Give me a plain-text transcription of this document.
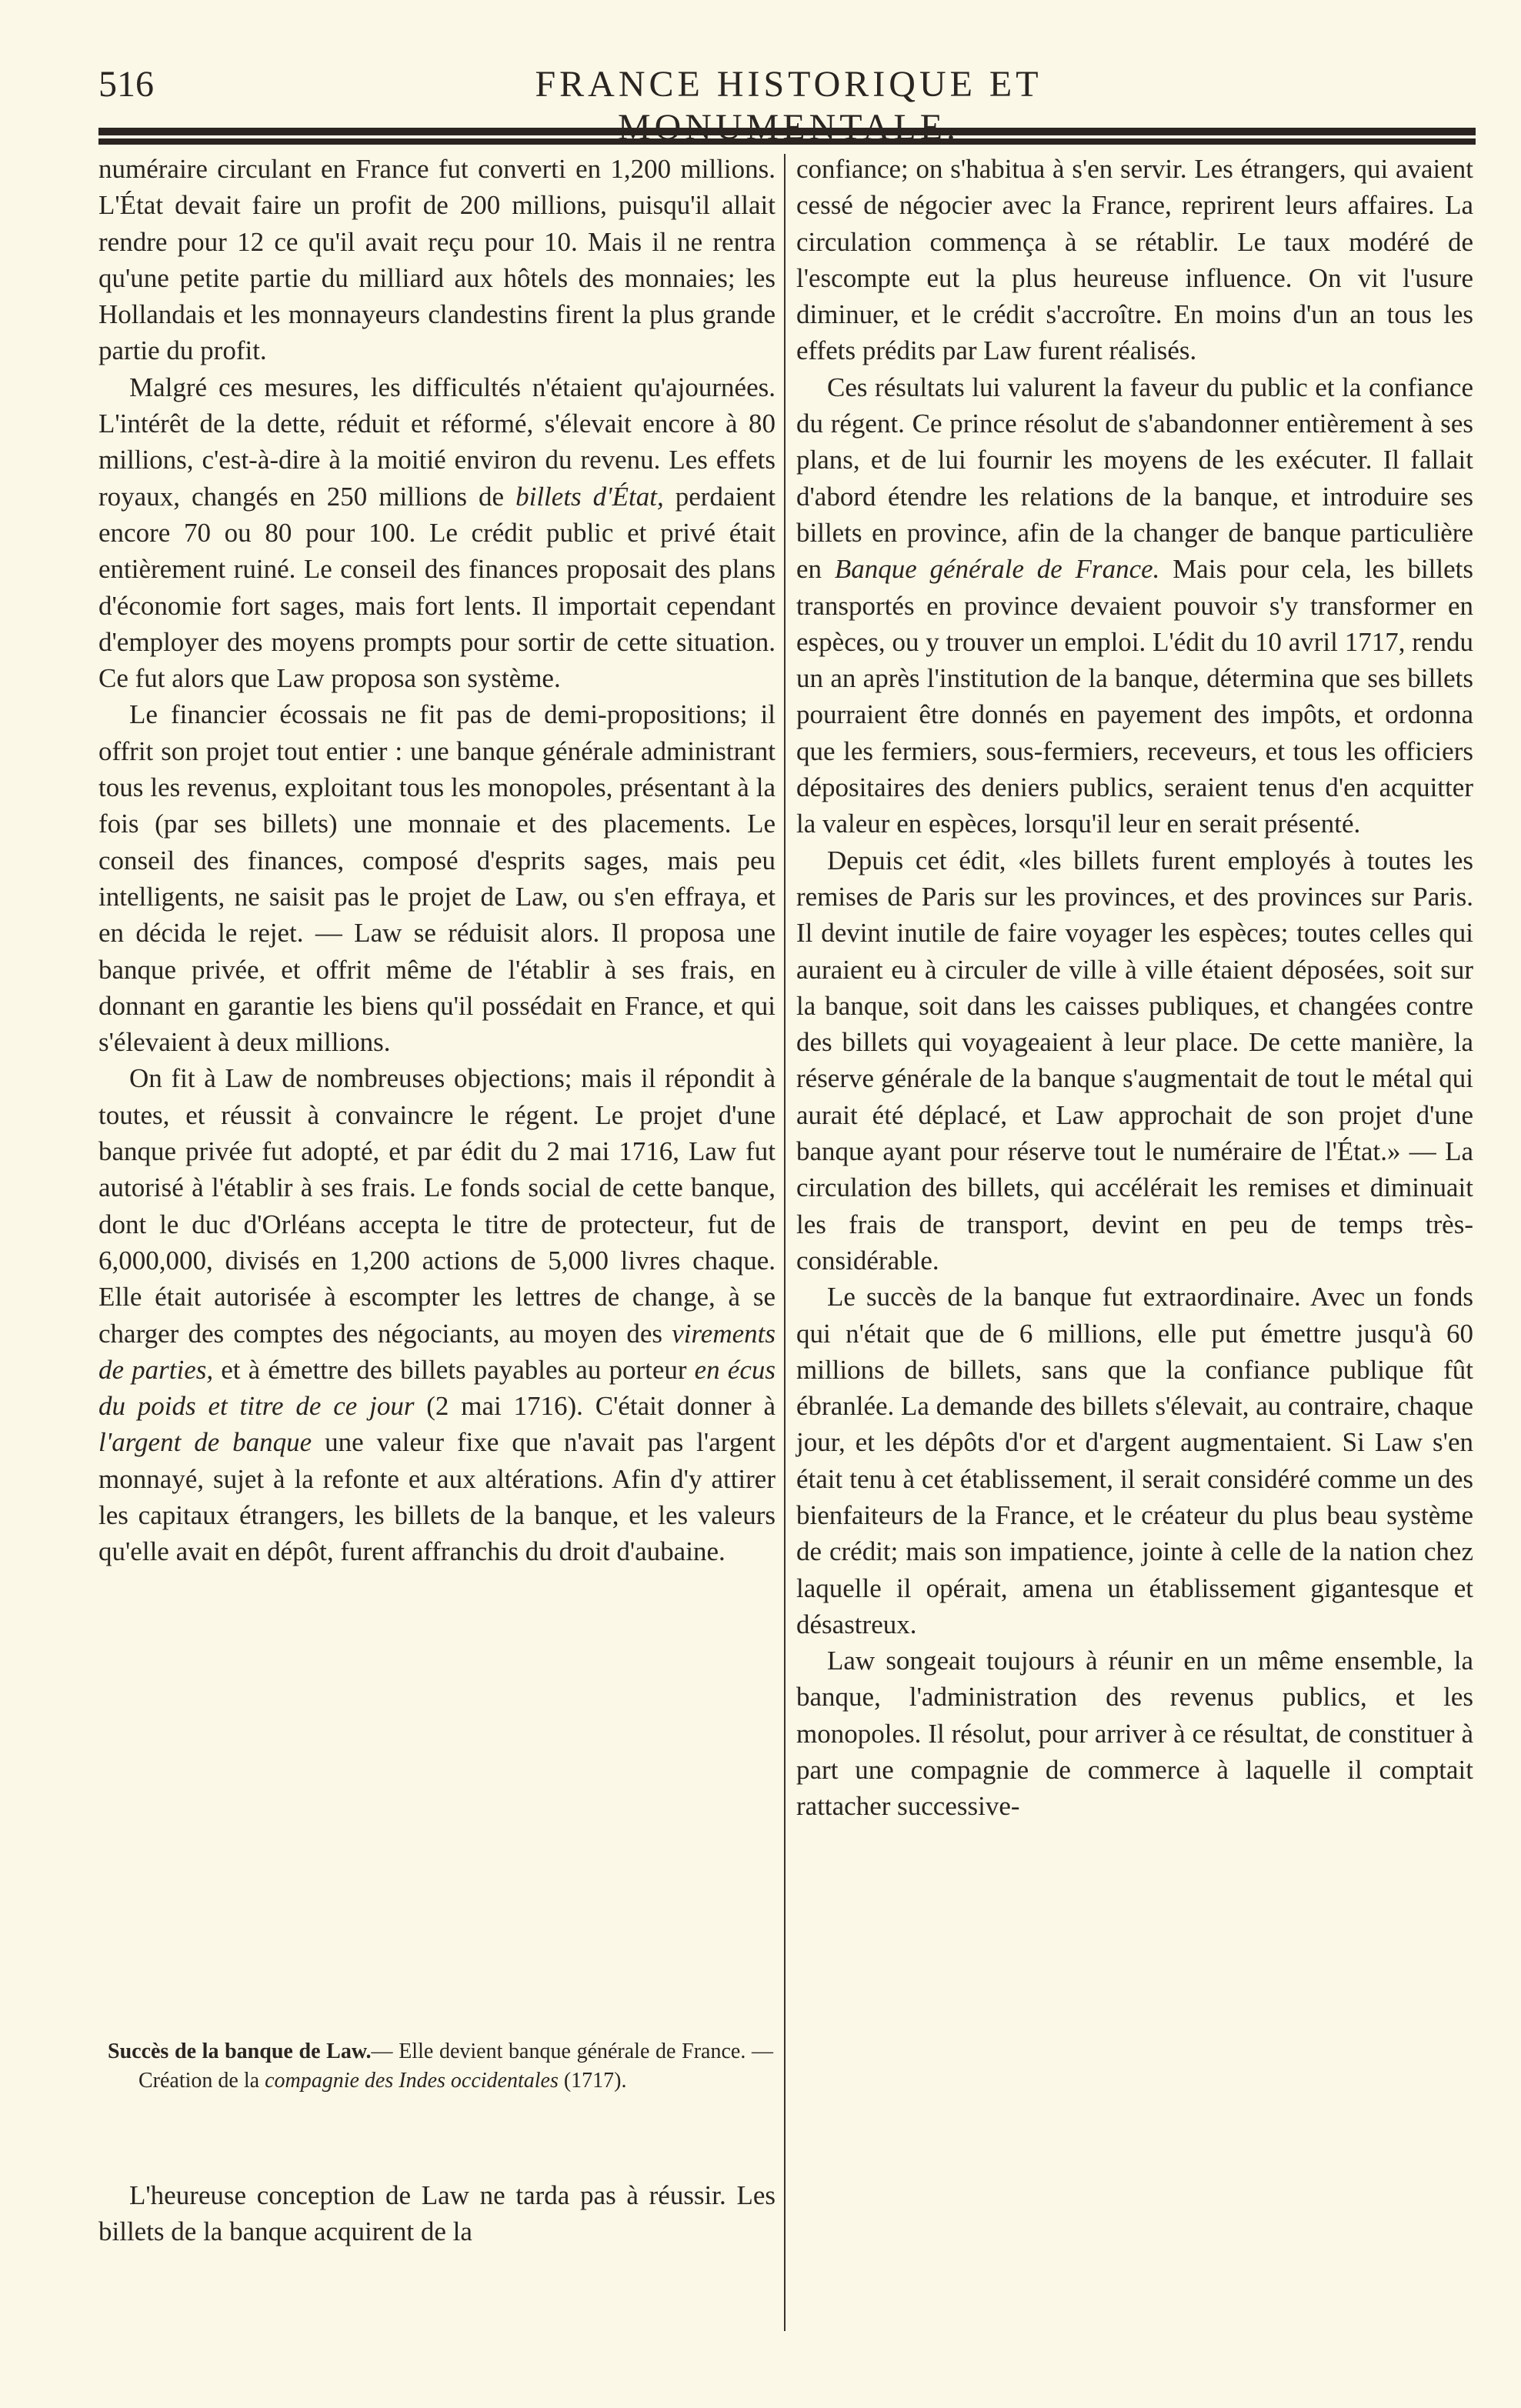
516	FRANCE HISTORIQUE ET MONUMENTALE.

numéraire circulant en France fut converti en 1,200 millions. L'État devait faire un profit de 200 millions, puisqu'il allait rendre pour 12 ce qu'il avait reçu pour 10. Mais il ne rentra qu'une petite partie du milliard aux hôtels des monnaies; les Hollandais et les monnayeurs clandestins firent la plus grande partie du profit.

Malgré ces mesures, les difficultés n'étaient qu'ajournées. L'intérêt de la dette, réduit et réformé, s'élevait encore à 80 millions, c'est-à-dire à la moitié environ du revenu. Les effets royaux, changés en 250 millions de billets d'État, perdaient encore 70 ou 80 pour 100. Le crédit public et privé était entièrement ruiné. Le conseil des finances proposait des plans d'économie fort sages, mais fort lents. Il importait cependant d'employer des moyens prompts pour sortir de cette situation. Ce fut alors que Law proposa son système.

Le financier écossais ne fit pas de demi-propositions; il offrit son projet tout entier : une banque générale administrant tous les revenus, exploitant tous les monopoles, présentant à la fois (par ses billets) une monnaie et des placements. Le conseil des finances, composé d'esprits sages, mais peu intelligents, ne saisit pas le projet de Law, ou s'en effraya, et en décida le rejet. — Law se réduisit alors. Il proposa une banque privée, et offrit même de l'établir à ses frais, en donnant en garantie les biens qu'il possédait en France, et qui s'élevaient à deux millions.

On fit à Law de nombreuses objections; mais il répondit à toutes, et réussit à convaincre le régent. Le projet d'une banque privée fut adopté, et par édit du 2 mai 1716, Law fut autorisé à l'établir à ses frais. Le fonds social de cette banque, dont le duc d'Orléans accepta le titre de protecteur, fut de 6,000,000, divisés en 1,200 actions de 5,000 livres chaque. Elle était autorisée à escompter les lettres de change, à se charger des comptes des négociants, au moyen des virements de parties, et à émettre des billets payables au porteur en écus du poids et titre de ce jour (2 mai 1716). C'était donner à l'argent de banque une valeur fixe que n'avait pas l'argent monnayé, sujet à la refonte et aux altérations. Afin d'y attirer les capitaux étrangers, les billets de la banque, et les valeurs qu'elle avait en dépôt, furent affranchis du droit d'aubaine.

Succès de la banque de Law.— Elle devient banque générale de France. — Création de la compagnie des Indes occidentales (1717).

L'heureuse conception de Law ne tarda pas à réussir. Les billets de la banque acquirent de la

confiance; on s'habitua à s'en servir. Les étrangers, qui avaient cessé de négocier avec la France, reprirent leurs affaires. La circulation commença à se rétablir. Le taux modéré de l'escompte eut la plus heureuse influence. On vit l'usure diminuer, et le crédit s'accroître. En moins d'un an tous les effets prédits par Law furent réalisés.

Ces résultats lui valurent la faveur du public et la confiance du régent. Ce prince résolut de s'abandonner entièrement à ses plans, et de lui fournir les moyens de les exécuter. Il fallait d'abord étendre les relations de la banque, et introduire ses billets en province, afin de la changer de banque particulière en Banque générale de France. Mais pour cela, les billets transportés en province devaient pouvoir s'y transformer en espèces, ou y trouver un emploi. L'édit du 10 avril 1717, rendu un an après l'institution de la banque, détermina que ses billets pourraient être donnés en payement des impôts, et ordonna que les fermiers, sous-fermiers, receveurs, et tous les officiers dépositaires des deniers publics, seraient tenus d'en acquitter la valeur en espèces, lorsqu'il leur en serait présenté.

Depuis cet édit, «les billets furent employés à toutes les remises de Paris sur les provinces, et des provinces sur Paris. Il devint inutile de faire voyager les espèces; toutes celles qui auraient eu à circuler de ville à ville étaient déposées, soit sur la banque, soit dans les caisses publiques, et changées contre des billets qui voyageaient à leur place. De cette manière, la réserve générale de la banque s'augmentait de tout le métal qui aurait été déplacé, et Law approchait de son projet d'une banque ayant pour réserve tout le numéraire de l'État.» — La circulation des billets, qui accélérait les remises et diminuait les frais de transport, devint en peu de temps très-considérable.

Le succès de la banque fut extraordinaire. Avec un fonds qui n'était que de 6 millions, elle put émettre jusqu'à 60 millions de billets, sans que la confiance publique fût ébranlée. La demande des billets s'élevait, au contraire, chaque jour, et les dépôts d'or et d'argent augmentaient. Si Law s'en était tenu à cet établissement, il serait considéré comme un des bienfaiteurs de la France, et le créateur du plus beau système de crédit; mais son impatience, jointe à celle de la nation chez laquelle il opérait, amena un établissement gigantesque et désastreux.

Law songeait toujours à réunir en un même ensemble, la banque, l'administration des revenus publics, et les monopoles. Il résolut, pour arriver à ce résultat, de constituer à part une compagnie de commerce à laquelle il comptait rattacher successive-
